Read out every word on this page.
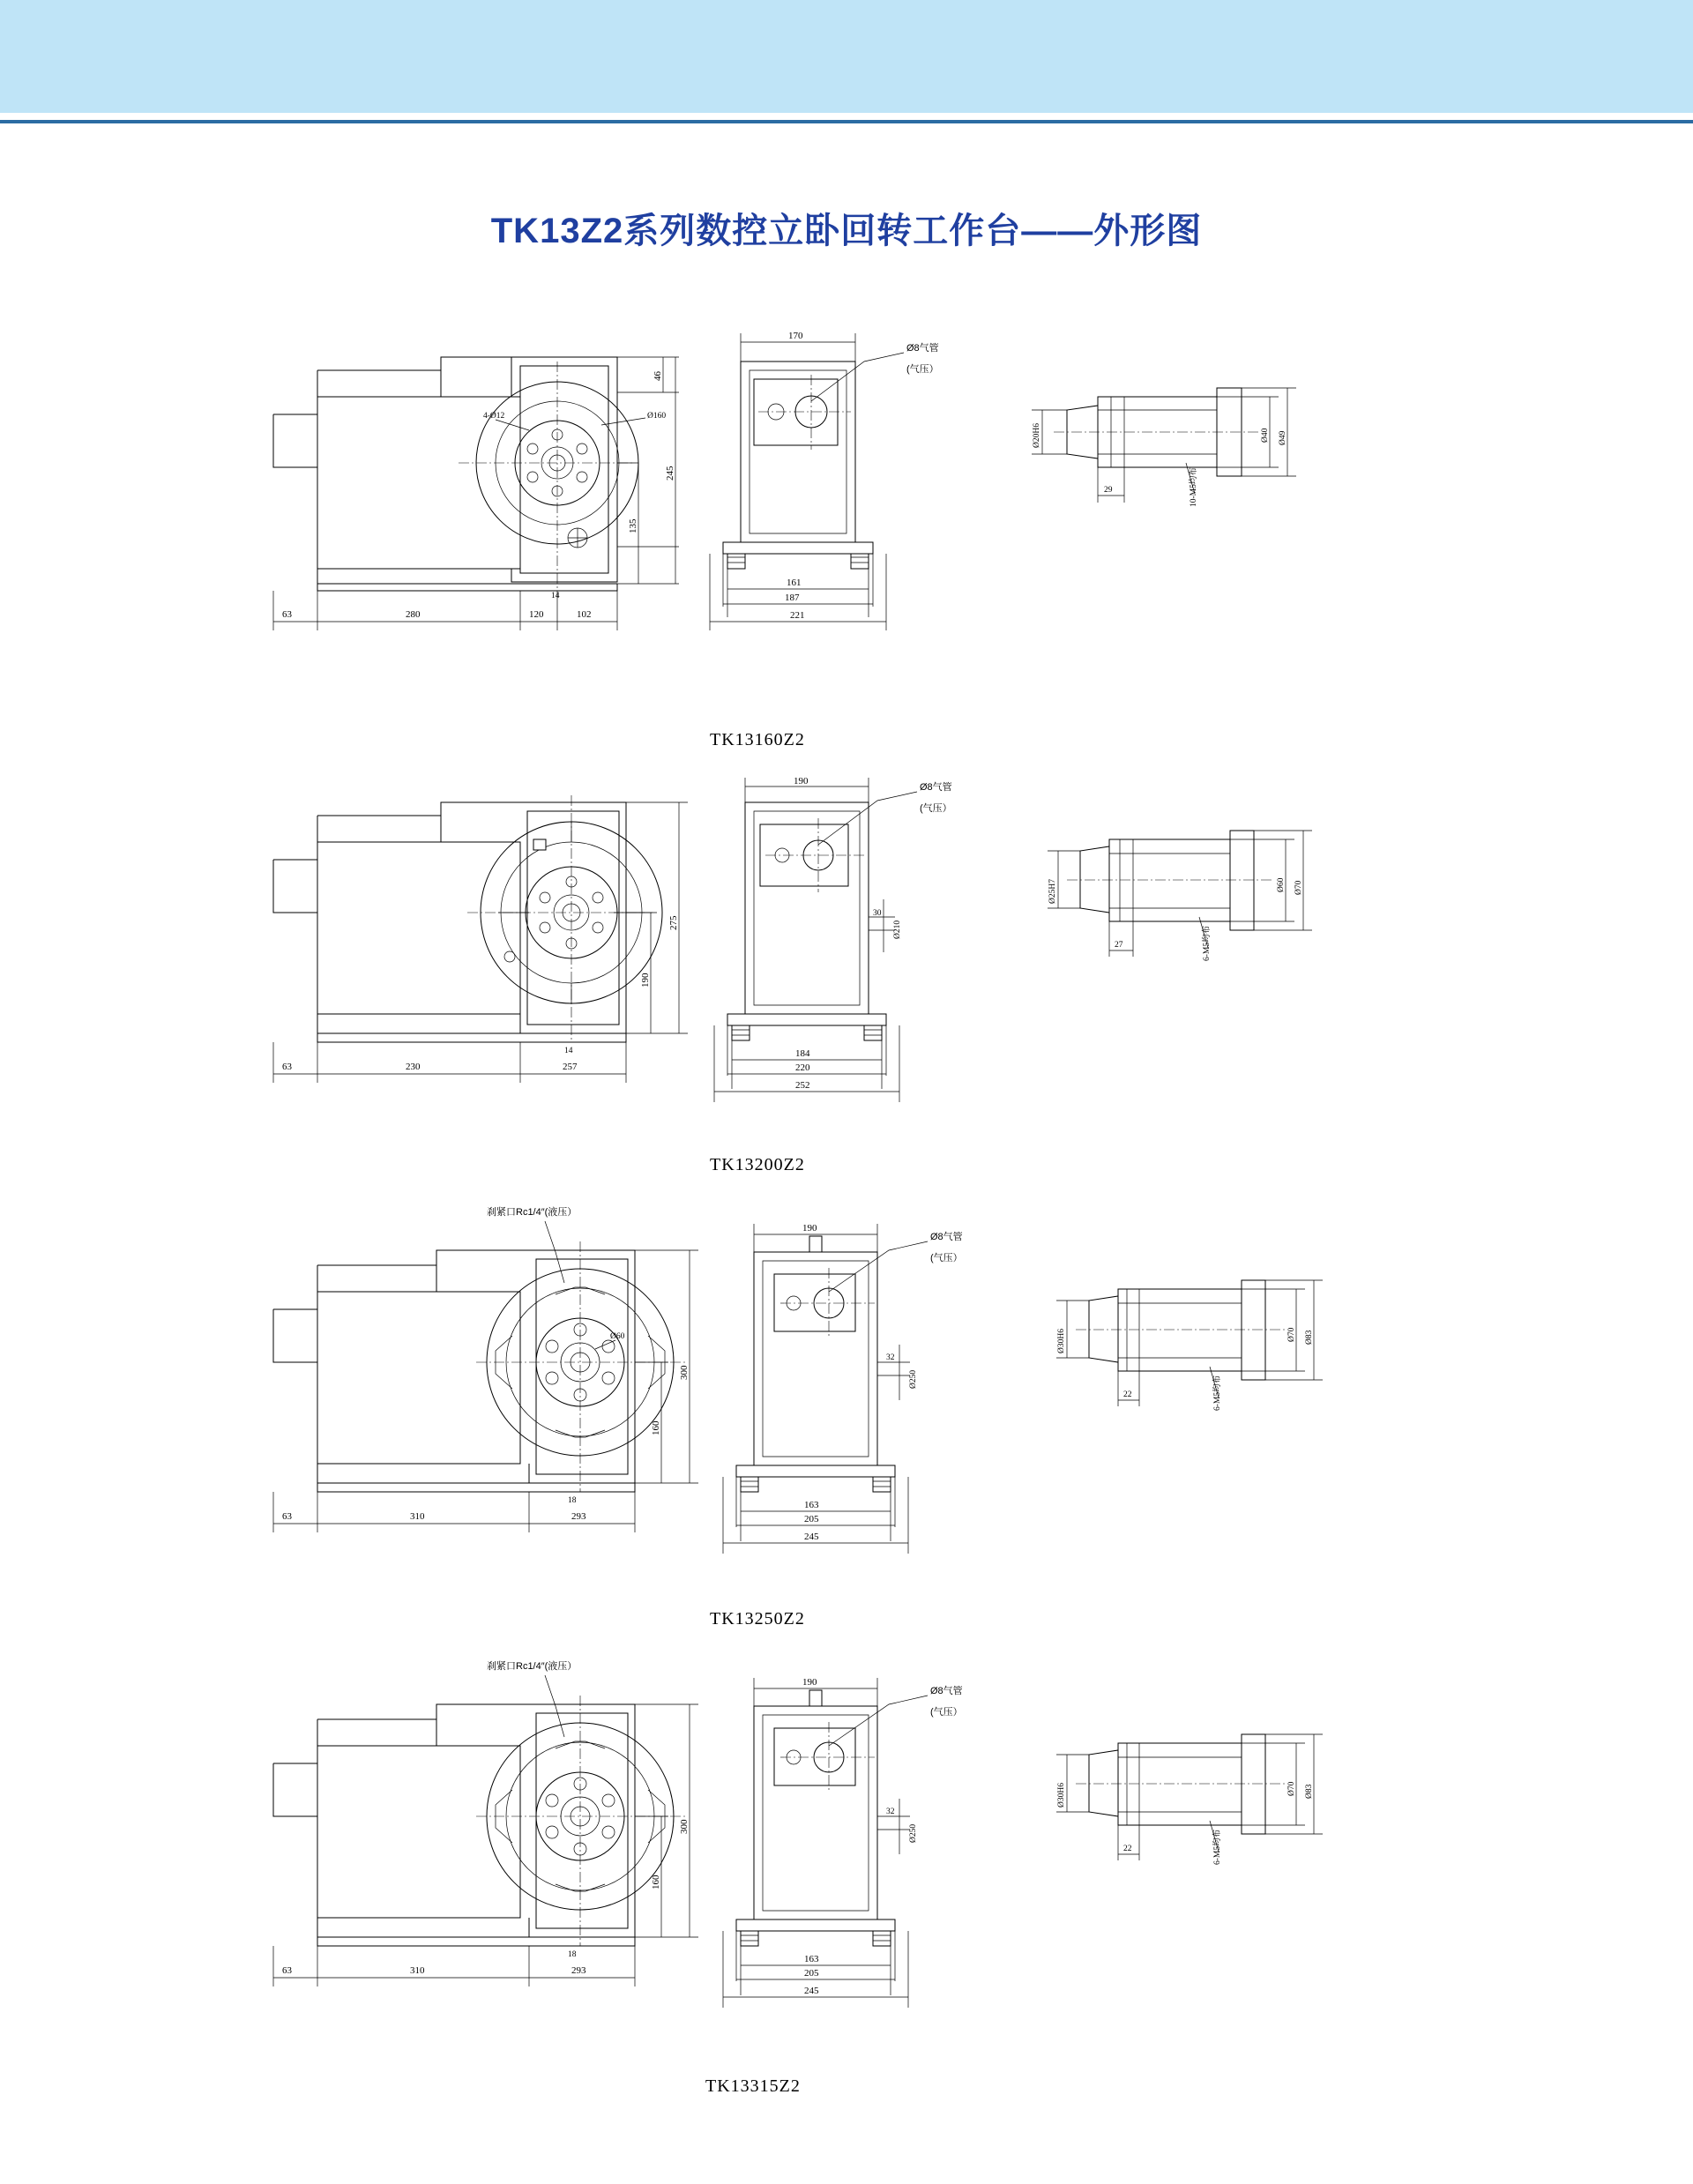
TK13Z2系列数控立卧回转工作台——外形图
4-Ø12	Ø160
46
245
135
63	280	120	102
14
170
Ø8气管
(气压）
161
187
221
Ø20H6	Ø40 Ø49
29	10-M5均布
TK13160Z2
275
190
63	230	257
14
Ø210
30
190
Ø8气管
(气压）
184
220
252
Ø25H7	Ø60 Ø70
27	6-M5均布
TK13200Z2
Ø60
刹紧口Rc1/4″(液压）
300
160
63	310	293
18
Ø250
32
190
Ø8气管
(气压）
163
205
245
Ø30H6	Ø70 Ø83
22	6-M5均布
TK13250Z2
刹紧口Rc1/4″(液压）
300
160
63	310	293
18
Ø250
32
190
Ø8气管
(气压）
163
205
245
Ø30H6	Ø70 Ø83
22	6-M5均布
TK13315Z2
